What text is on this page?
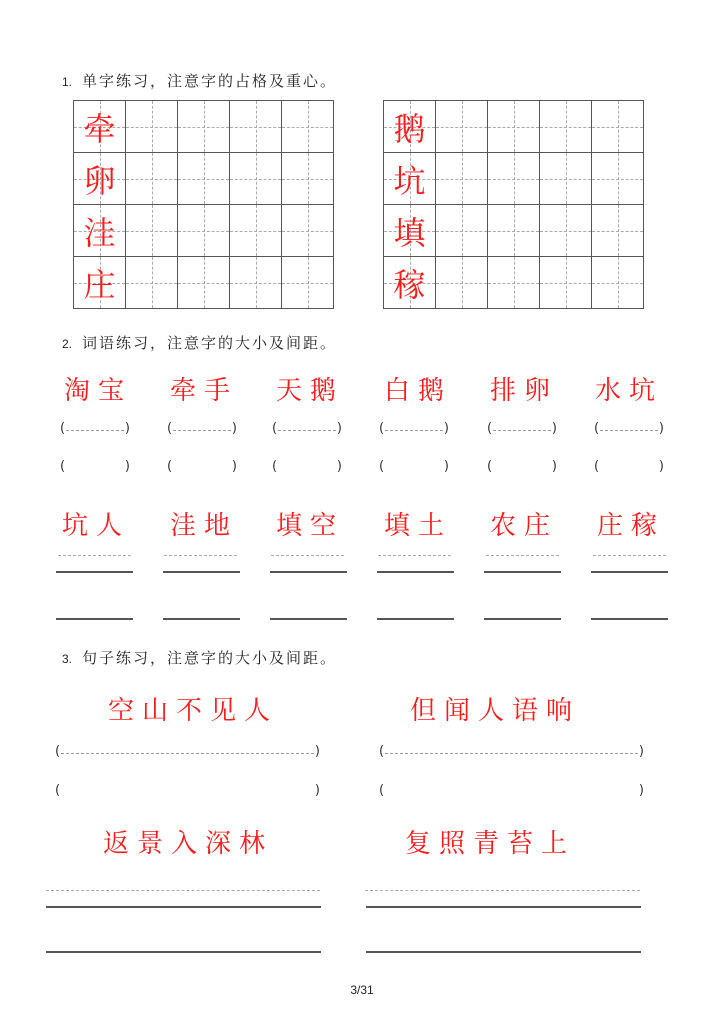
1. 单字练习，注意字的占格及重心。
牵				

卵				

洼				

庄				

鹅				

坑				

填				

稼				

2. 词语练习，注意字的大小及间距。
淘宝 牵手 天鹅 白鹅 排卵 水坑
(	)	(	)	(	)	(	)	(	)	(	)
(	)	(	)	(	)	(	)	(	)	(	)
坑人 洼地 填空 填土 农庄 庄稼
3. 句子练习，注意字的大小及间距。
空山不见人	但闻人语响
(	)	(	)
(	)	(	)
返景入深林	复照青苔上
3/31
